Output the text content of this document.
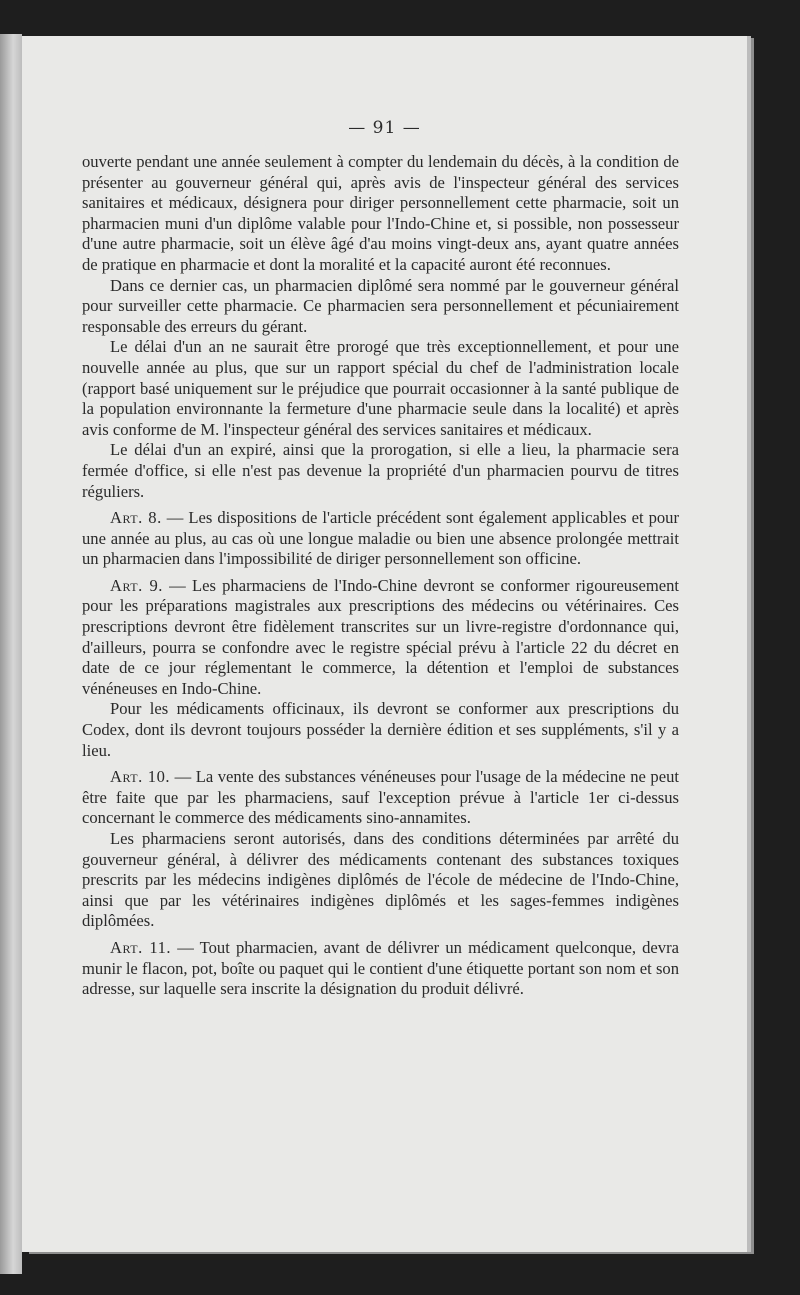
— 91 —

ouverte pendant une année seulement à compter du lendemain du décès, à la condition de présenter au gouverneur général qui, après avis de l'inspecteur général des services sanitaires et médicaux, désignera pour diriger personnellement cette pharmacie, soit un pharmacien muni d'un diplôme valable pour l'Indo-Chine et, si possible, non possesseur d'une autre pharmacie, soit un élève âgé d'au moins vingt-deux ans, ayant quatre années de pratique en pharmacie et dont la moralité et la capacité auront été reconnues.

Dans ce dernier cas, un pharmacien diplômé sera nommé par le gouverneur général pour surveiller cette pharmacie. Ce pharmacien sera personnellement et pécuniairement responsable des erreurs du gérant.

Le délai d'un an ne saurait être prorogé que très exceptionnellement, et pour une nouvelle année au plus, que sur un rapport spécial du chef de l'administration locale (rapport basé uniquement sur le préjudice que pourrait occasionner à la santé publique de la population environnante la fermeture d'une pharmacie seule dans la localité) et après avis conforme de M. l'inspecteur général des services sanitaires et médicaux.

Le délai d'un an expiré, ainsi que la prorogation, si elle a lieu, la pharmacie sera fermée d'office, si elle n'est pas devenue la propriété d'un pharmacien pourvu de titres réguliers.

Art. 8. — Les dispositions de l'article précédent sont également applicables et pour une année au plus, au cas où une longue maladie ou bien une absence prolongée mettrait un pharmacien dans l'impossibilité de diriger personnellement son officine.

Art. 9. — Les pharmaciens de l'Indo-Chine devront se conformer rigoureusement pour les préparations magistrales aux prescriptions des médecins ou vétérinaires. Ces prescriptions devront être fidèlement transcrites sur un livre-registre d'ordonnance qui, d'ailleurs, pourra se confondre avec le registre spécial prévu à l'article 22 du décret en date de ce jour réglementant le commerce, la détention et l'emploi de substances vénéneuses en Indo-Chine.

Pour les médicaments officinaux, ils devront se conformer aux prescriptions du Codex, dont ils devront toujours posséder la dernière édition et ses suppléments, s'il y a lieu.

Art. 10. — La vente des substances vénéneuses pour l'usage de la médecine ne peut être faite que par les pharmaciens, sauf l'exception prévue à l'article 1er ci-dessus concernant le commerce des médicaments sino-annamites.

Les pharmaciens seront autorisés, dans des conditions déterminées par arrêté du gouverneur général, à délivrer des médicaments contenant des substances toxiques prescrits par les médecins indigènes diplômés de l'école de médecine de l'Indo-Chine, ainsi que par les vétérinaires indigènes diplômés et les sages-femmes indigènes diplômées.

Art. 11. — Tout pharmacien, avant de délivrer un médicament quelconque, devra munir le flacon, pot, boîte ou paquet qui le contient d'une étiquette portant son nom et son adresse, sur laquelle sera inscrite la désignation du produit délivré.
